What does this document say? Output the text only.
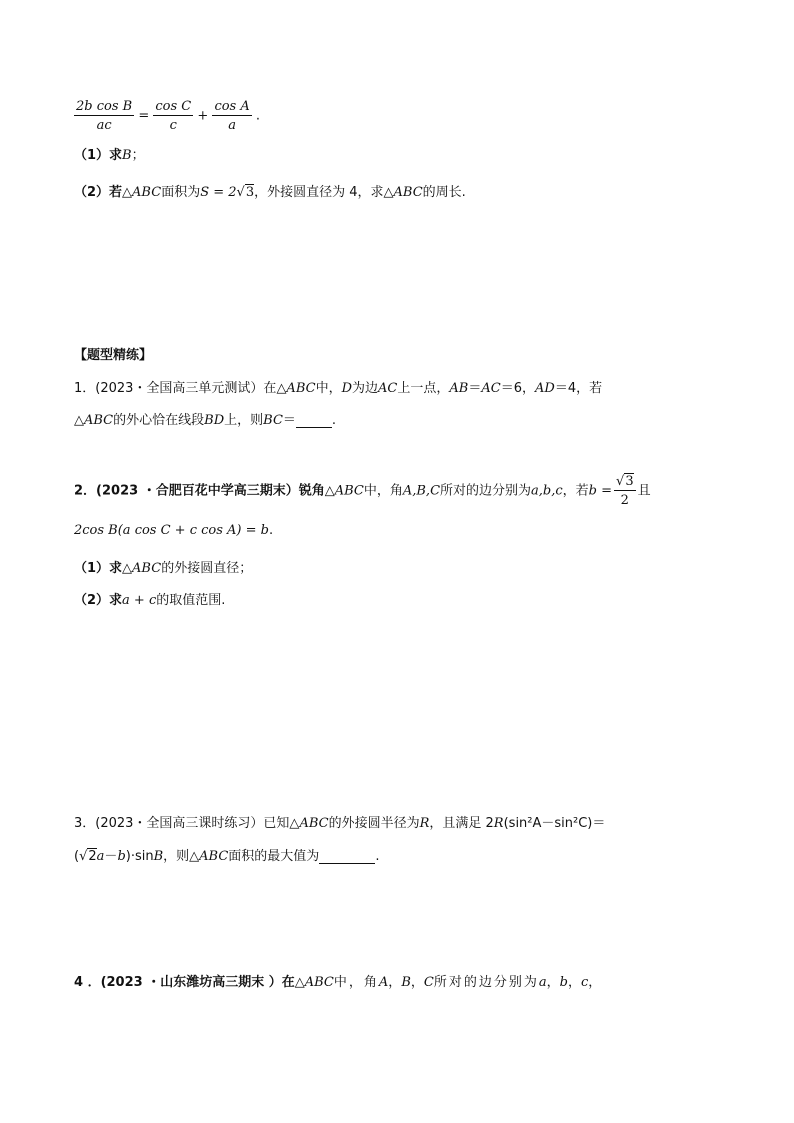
$\frac{\text{2b cos B}}{ac} = \frac{\text{cos C}}{c} + \frac{\text{cos A}}{a}$ .
（1）求B；
（2）若△ABC面积为S = 2√3，外接圆直径为 4，求△ABC的周长.
【题型精练】
1．(2023・全国高三单元测试）在△ABC中，D为边AC上一点，AB＝AC＝6，AD＝4，若
△ABC的外心恰在线段BD上，则BC＝	.
2．(2023 ・合肥百花中学高三期末）锐角△ABC中，角A,B,C所对的边分别为a,b,c，若$b = \frac{√3}{2}$ 且
2cos B(a cos C + c cos A) = b.
（1）求△ABC的外接圆直径；
（2）求a + c的取值范围.
3．(2023・全国高三课时练习）已知△ABC的外接圆半径为R，且满足 2R(sin²A－sin²C)＝
(√2a－b)·sinB，则△ABC面积的最大值为	.
4 ．(2023 ・山东潍坊高三期末 ）在△ABC中，角A，B，C所对的边分别为a，b，c，
